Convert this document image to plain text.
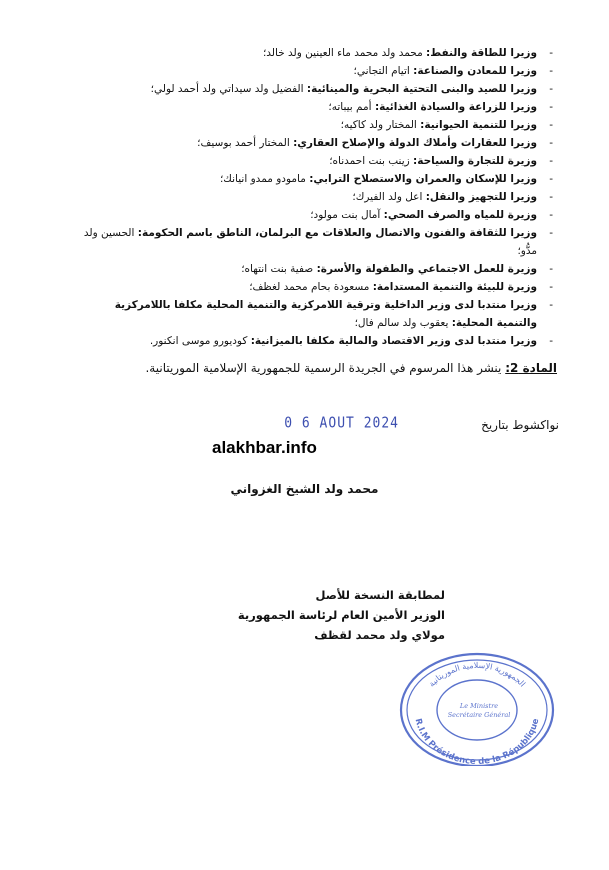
-
وزيرا للطاقة والنفط: محمد ولد محمد ماء العينين ولد خالد؛
-
وزيرا للمعادن والصناعة: اتيام التجاني؛
-
وزيرا للصيد والبنى التحتية البحرية والمينائية: الفضيل ولد سيداتي ولد أحمد لولي؛
-
وزيرا للزراعة والسيادة الغذائية: أمم بيباته؛
-
وزيرا للتنمية الحيوانية: المختار ولد كاكيه؛
-
وزيرا للعقارات وأملاك الدولة والإصلاح العقاري: المختار أحمد بوسيف؛
-
وزيرة للتجارة والسياحة: زينب بنت احمدناه؛
-
وزيرا للإسكان والعمران والاستصلاح الترابي: مامودو ممدو انيانك؛
-
وزيرا للتجهيز والنقل: اعل ولد الفيرك؛
-
وزيرة للمياه والصرف الصحي: آمال بنت مولود؛
-
وزيرا للثقافة والفنون والاتصال والعلاقات مع البرلمان، الناطق باسم الحكومة: الحسين ولد مدُّو؛
-
وزيرة للعمل الاجتماعي والطفولة والأسرة: صفية بنت انتهاه؛
-
وزيرة للبيئة والتنمية المستدامة: مسعودة بحام محمد لغظف؛
-
وزيرا منتدبا لدى وزير الداخلية وترقية اللامركزية والتنمية المحلية مكلفا باللامركزية والتنمية المحلية: يعقوب ولد سالم فال؛
-
وزيرا منتدبا لدى وزير الاقتصاد والمالية مكلفا بالميزانية: كوديورو موسى انكنور.
المادة 2: ينشر هذا المرسوم في الجريدة الرسمية للجمهورية الإسلامية الموريتانية.
نواكشوط بتاريخ
0 6 AOUT 2024
alakhbar.info
محمد ولد الشيخ الغزواني
لمطابقة النسخة للأصل
الوزير الأمين العام لرئاسة الجمهورية
مولاي ولد محمد لقظف
الجمهورية الإسلامية الموريتانية
R.I.M Présidence de la République
Le Ministre
Secrétaire Général
